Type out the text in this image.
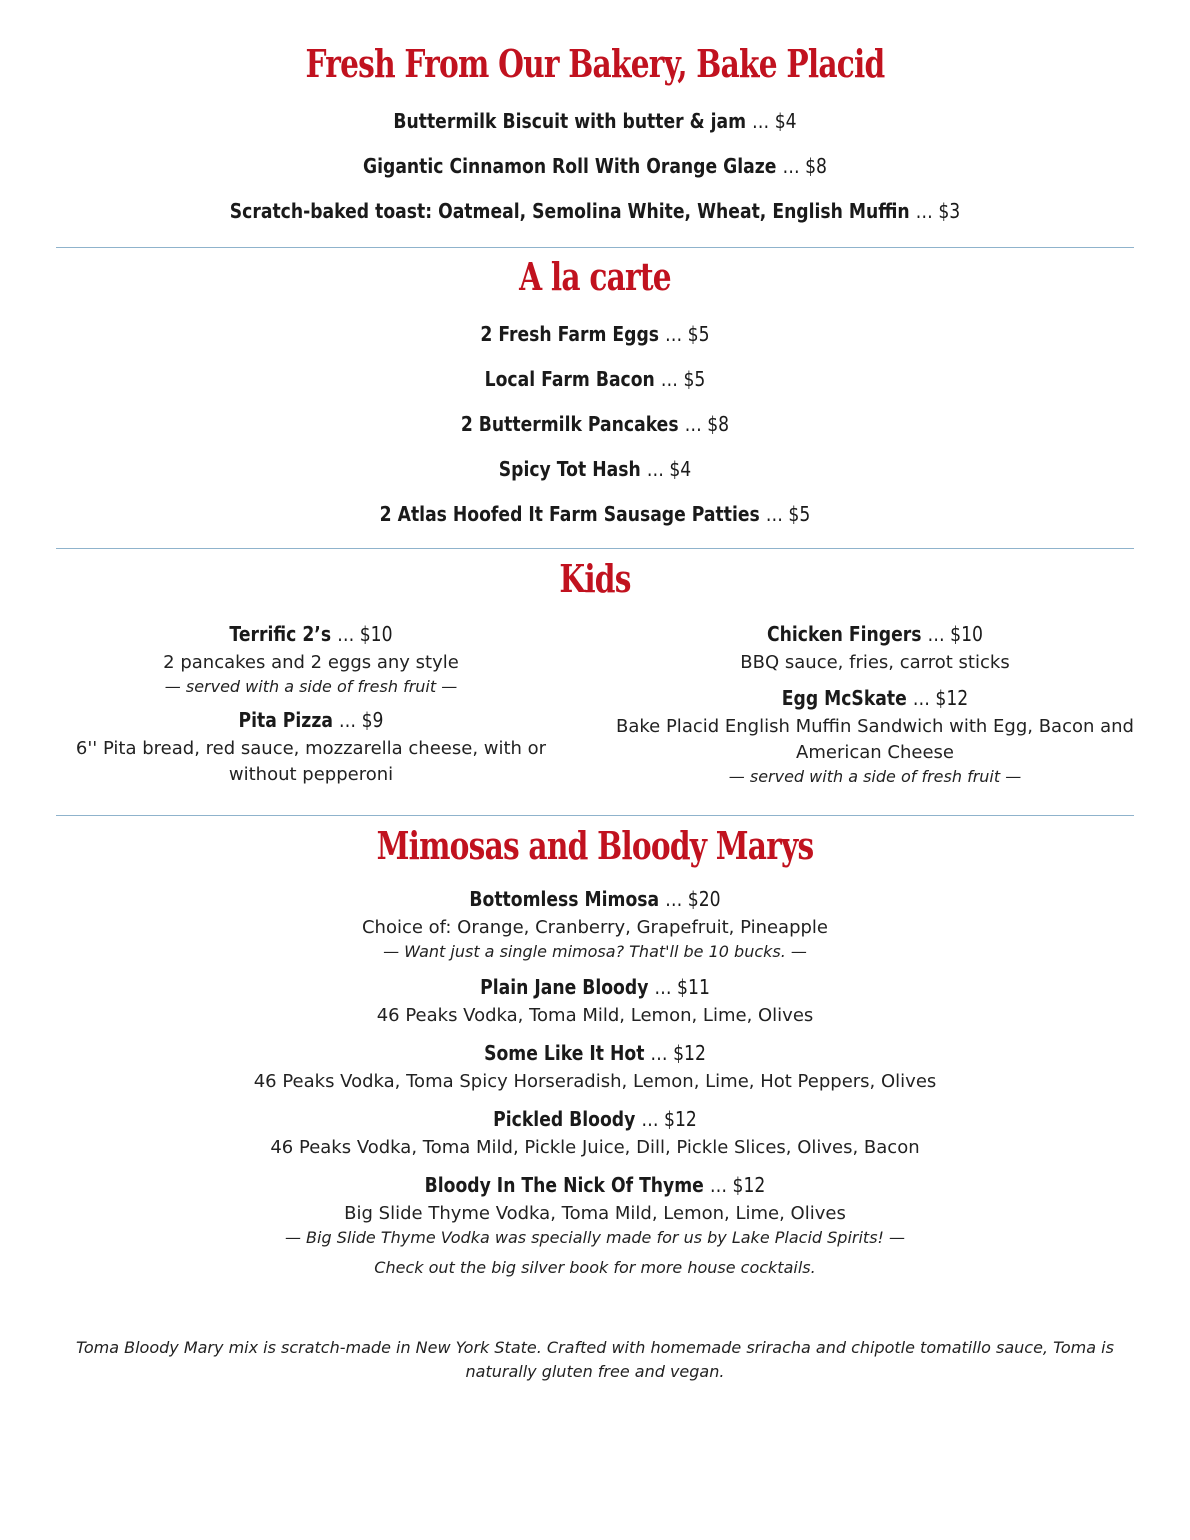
Fresh From Our Bakery, Bake Placid

Buttermilk Biscuit with butter & jam … $4

Gigantic Cinnamon Roll With Orange Glaze … $8

Scratch-baked toast: Oatmeal, Semolina White, Wheat, English Muffin … $3

A la carte

2 Fresh Farm Eggs … $5

Local Farm Bacon … $5

2 Buttermilk Pancakes … $8

Spicy Tot Hash … $4

2 Atlas Hoofed It Farm Sausage Patties … $5

Kids

Terrific 2’s … $10

2 pancakes and 2 eggs any style

— served with a side of fresh fruit —

Pita Pizza … $9

6'' Pita bread, red sauce, mozzarella cheese, with or without pepperoni

Chicken Fingers … $10

BBQ sauce, fries, carrot sticks

Egg McSkate … $12

Bake Placid English Muffin Sandwich with Egg, Bacon and American Cheese

— served with a side of fresh fruit —

Mimosas and Bloody Marys

Bottomless Mimosa … $20

Choice of: Orange, Cranberry, Grapefruit, Pineapple

— Want just a single mimosa? That'll be 10 bucks. —

Plain Jane Bloody … $11

46 Peaks Vodka, Toma Mild, Lemon, Lime, Olives

Some Like It Hot … $12

46 Peaks Vodka, Toma Spicy Horseradish, Lemon, Lime, Hot Peppers, Olives

Pickled Bloody … $12

46 Peaks Vodka, Toma Mild, Pickle Juice, Dill, Pickle Slices, Olives, Bacon

Bloody In The Nick Of Thyme … $12

Big Slide Thyme Vodka, Toma Mild, Lemon, Lime, Olives

— Big Slide Thyme Vodka was specially made for us by Lake Placid Spirits! —

Check out the big silver book for more house cocktails.

Toma Bloody Mary mix is scratch-made in New York State. Crafted with homemade sriracha and chipotle tomatillo sauce, Toma is naturally gluten free and vegan.
